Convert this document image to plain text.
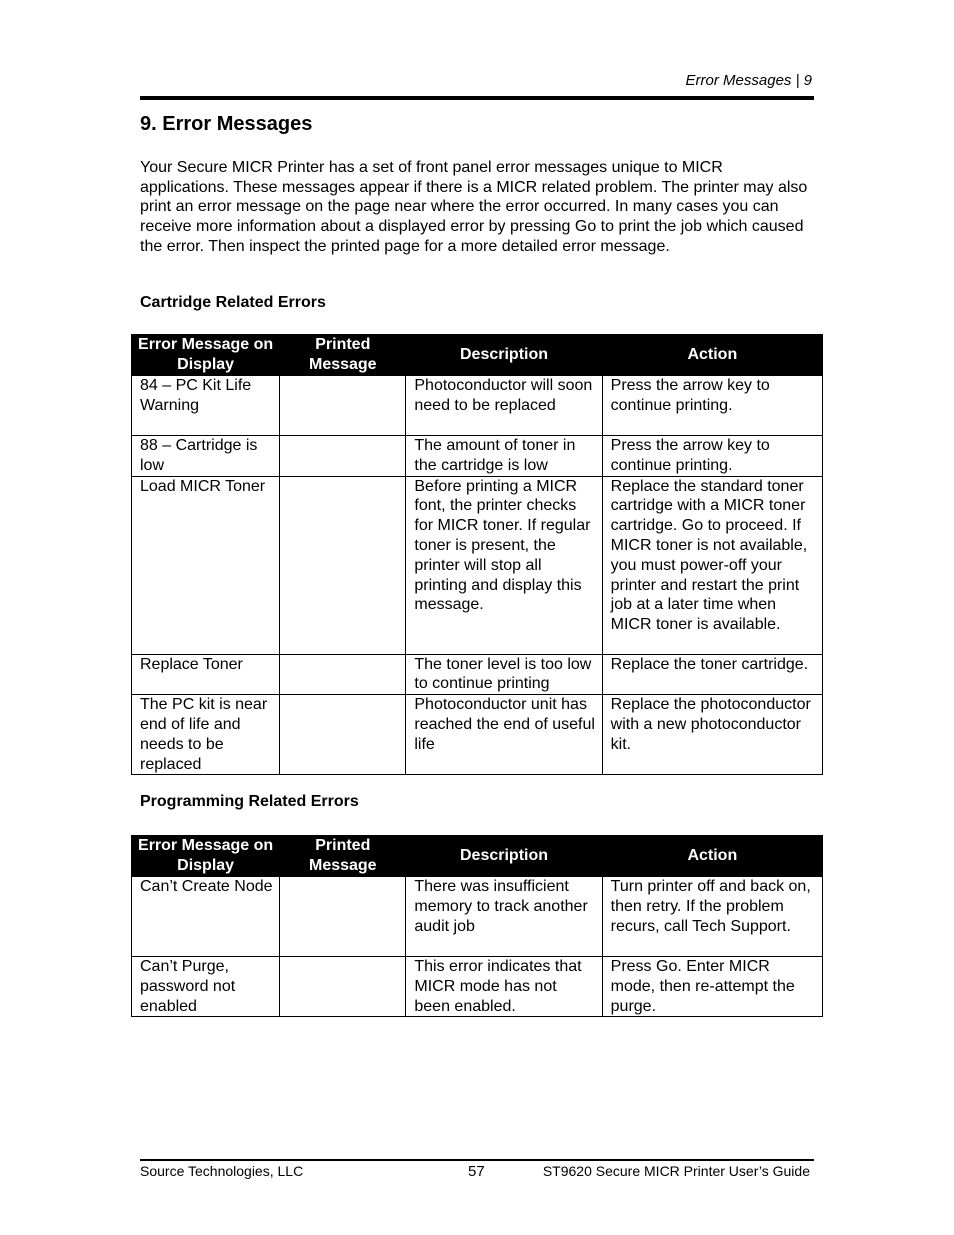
Error Messages | 9
9. Error Messages

Your Secure MICR Printer has a set of front panel error messages unique to MICR applications. These messages appear if there is a MICR related problem. The printer may also print an error message on the page near where the error occurred. In many cases you can receive more information about a displayed error by pressing Go to print the job which caused the error. Then inspect the printed page for a more detailed error message.

Cartridge Related Errors
Error Message on Display	Printed Message	Description	Action
84 – PC Kit Life Warning		Photoconductor will soon need to be replaced	Press the arrow key to continue printing.
88 – Cartridge is low		The amount of toner in the cartridge is low	Press the arrow key to continue printing.
Load MICR Toner		Before printing a MICR font, the printer checks for MICR toner. If regular toner is present, the printer will stop all printing and display this message.	Replace the standard toner cartridge with a MICR toner cartridge. Go to proceed. If MICR toner is not available, you must power-off your printer and restart the print job at a later time when MICR toner is available.
Replace Toner		The toner level is too low to continue printing	Replace the toner cartridge.
The PC kit is near end of life and needs to be replaced		Photoconductor unit has reached the end of useful life	Replace the photoconductor with a new photoconductor kit.
Programming Related Errors
Error Message on Display	Printed Message	Description	Action
Can’t Create Node		There was insufficient memory to track another audit job	Turn printer off and back on, then retry. If the problem recurs, call Tech Support.
Can’t Purge, password not enabled		This error indicates that MICR mode has not been enabled.	Press Go. Enter MICR mode, then re-attempt the purge.
Source Technologies, LLC	57	ST9620 Secure MICR Printer User’s Guide
